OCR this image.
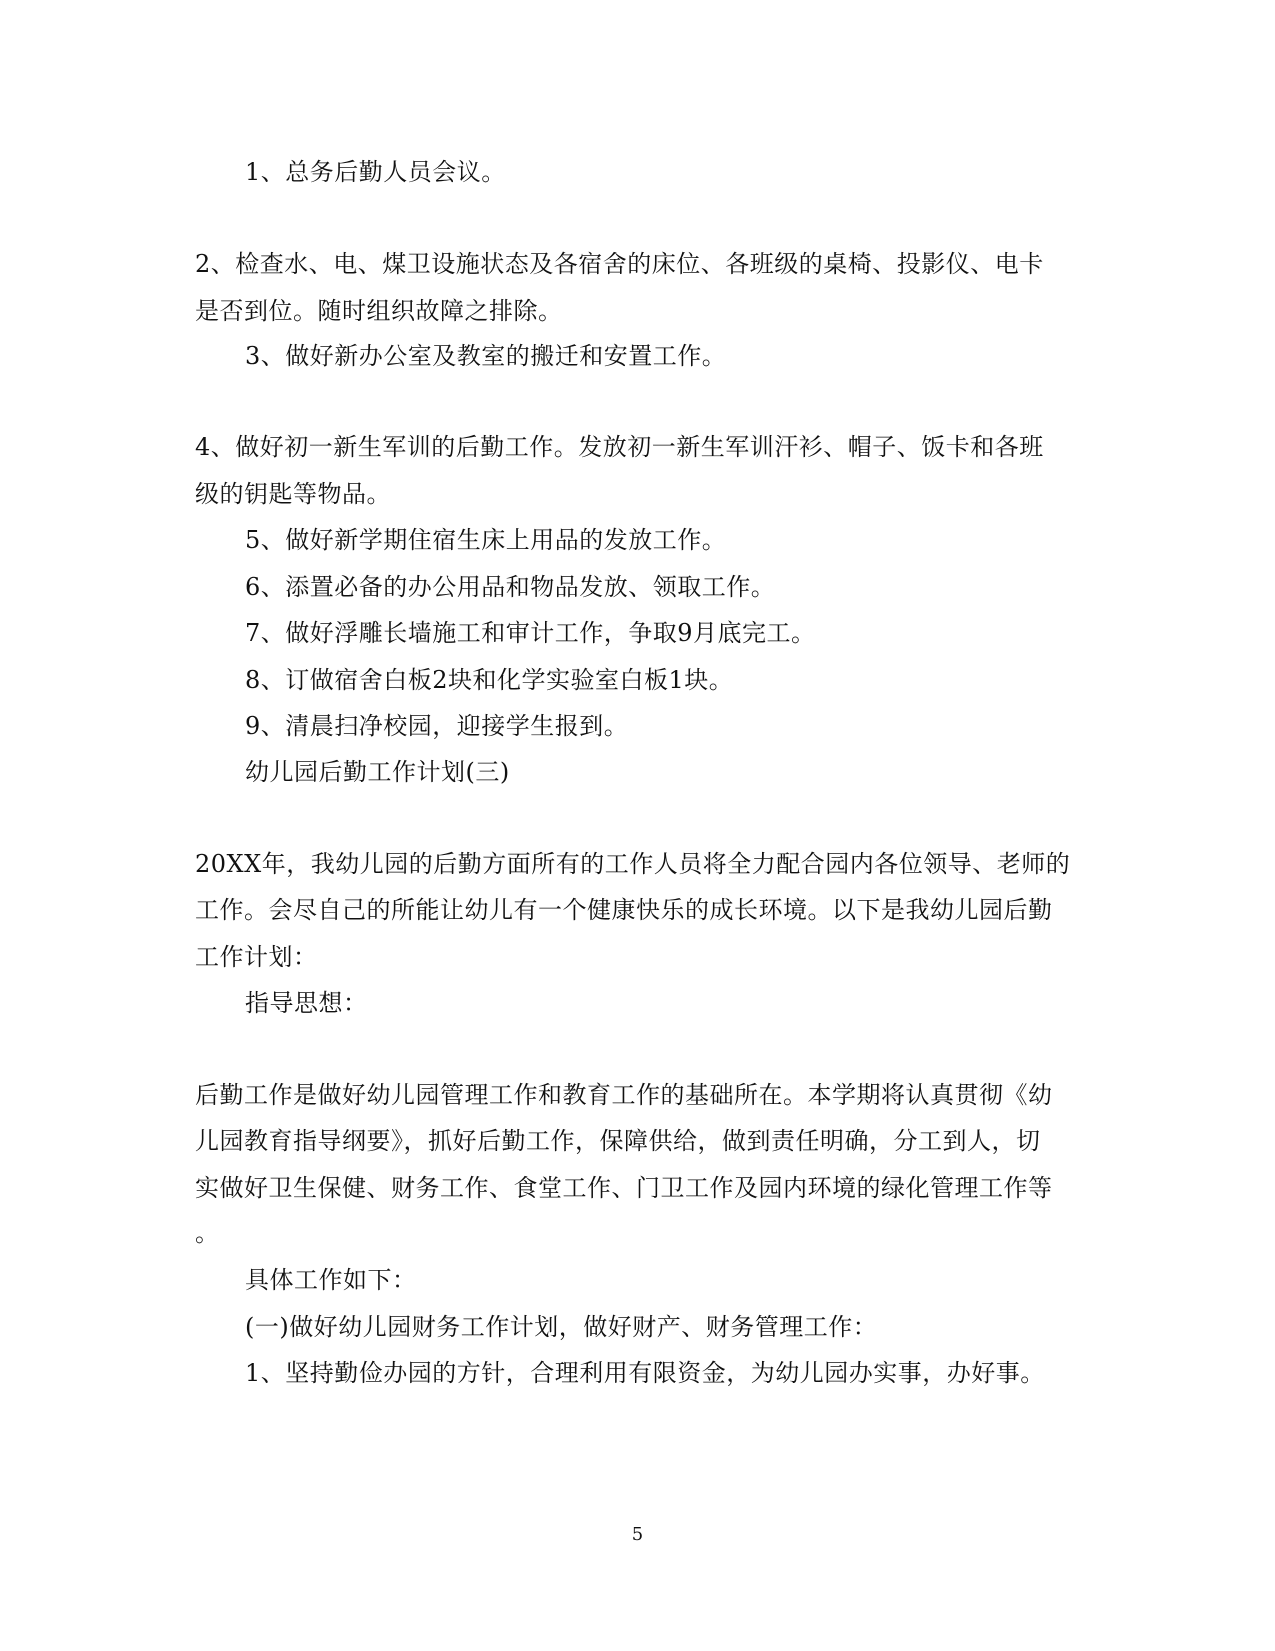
1、总务后勤人员会议。
2、检查水、电、煤卫设施状态及各宿舍的床位、各班级的桌椅、投影仪、电卡
是否到位。随时组织故障之排除。
3、做好新办公室及教室的搬迁和安置工作。
4、做好初一新生军训的后勤工作。发放初一新生军训汗衫、帽子、饭卡和各班
级的钥匙等物品。
5、做好新学期住宿生床上用品的发放工作。
6、添置必备的办公用品和物品发放、领取工作。
7、做好浮雕长墙施工和审计工作，争取9月底完工。
8、订做宿舍白板2块和化学实验室白板1块。
9、清晨扫净校园，迎接学生报到。
幼儿园后勤工作计划(三)
20XX年，我幼儿园的后勤方面所有的工作人员将全力配合园内各位领导、老师的
工作。会尽自己的所能让幼儿有一个健康快乐的成长环境。以下是我幼儿园后勤
工作计划：
指导思想：
后勤工作是做好幼儿园管理工作和教育工作的基础所在。本学期将认真贯彻《幼
儿园教育指导纲要》，抓好后勤工作，保障供给，做到责任明确，分工到人，切
实做好卫生保健、财务工作、食堂工作、门卫工作及园内环境的绿化管理工作等
。
具体工作如下：
(一)做好幼儿园财务工作计划，做好财产、财务管理工作：
1、坚持勤俭办园的方针，合理利用有限资金，为幼儿园办实事，办好事。
5
